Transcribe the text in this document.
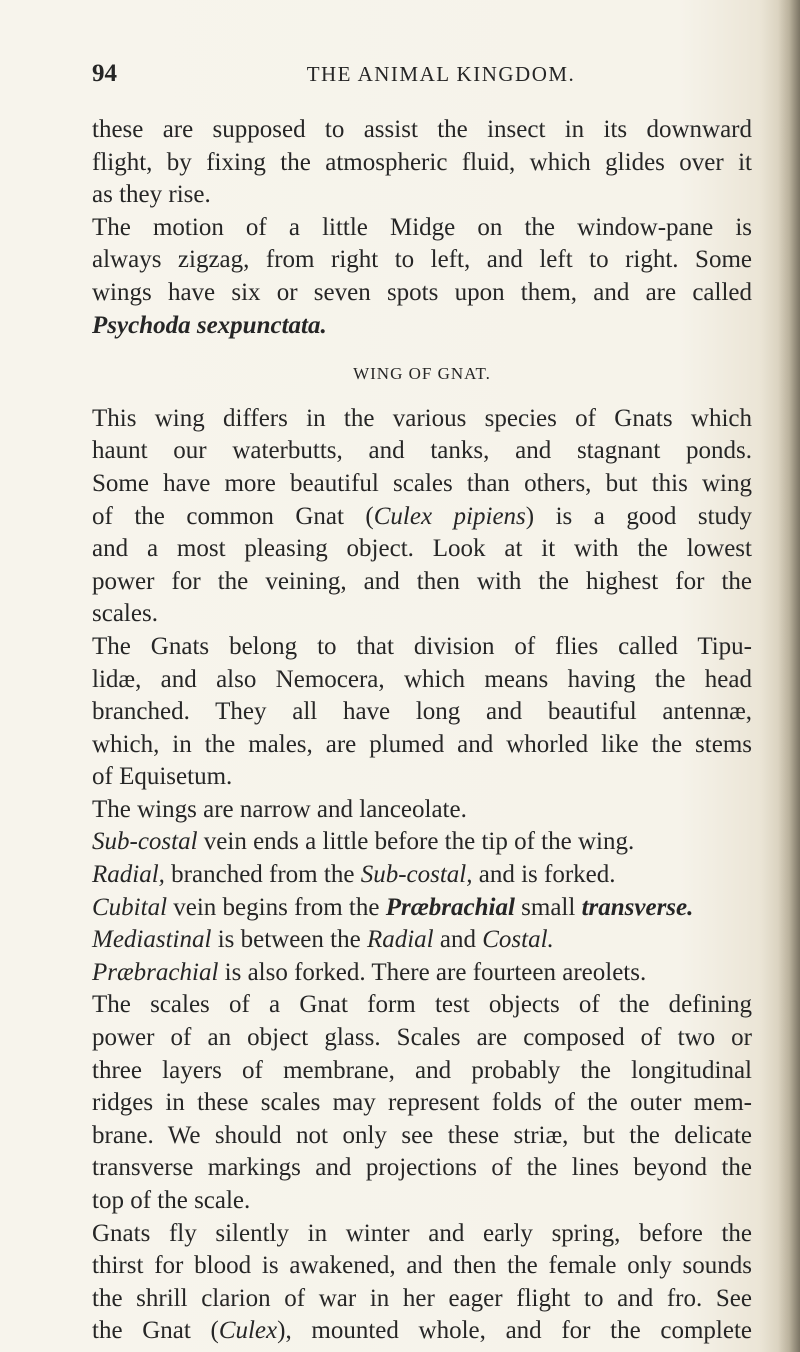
94	THE ANIMAL KINGDOM.
these are supposed to assist the insect in its downward
flight, by fixing the atmospheric fluid, which glides over it
as they rise.
The motion of a little Midge on the window-pane is
always zigzag, from right to left, and left to right. Some
wings have six or seven spots upon them, and are called
Psychoda sexpunctata.
WING OF GNAT.
This wing differs in the various species of Gnats which
haunt our waterbutts, and tanks, and stagnant ponds.
Some have more beautiful scales than others, but this wing
of the common Gnat (Culex pipiens) is a good study
and a most pleasing object. Look at it with the lowest
power for the veining, and then with the highest for the
scales.
The Gnats belong to that division of flies called Tipu-
lidæ, and also Nemocera, which means having the head
branched. They all have long and beautiful antennæ,
which, in the males, are plumed and whorled like the stems
of Equisetum.
The wings are narrow and lanceolate.
Sub-costal vein ends a little before the tip of the wing.
Radial, branched from the Sub-costal, and is forked.
Cubital vein begins from the Præbrachial small transverse.
Mediastinal is between the Radial and Costal.
Præbrachial is also forked. There are fourteen areolets.
The scales of a Gnat form test objects of the defining
power of an object glass. Scales are composed of two or
three layers of membrane, and probably the longitudinal
ridges in these scales may represent folds of the outer mem-
brane. We should not only see these striæ, but the delicate
transverse markings and projections of the lines beyond the
top of the scale.
Gnats fly silently in winter and early spring, before the
thirst for blood is awakened, and then the female only sounds
the shrill clarion of war in her eager flight to and fro. See
the Gnat (Culex), mounted whole, and for the complete
